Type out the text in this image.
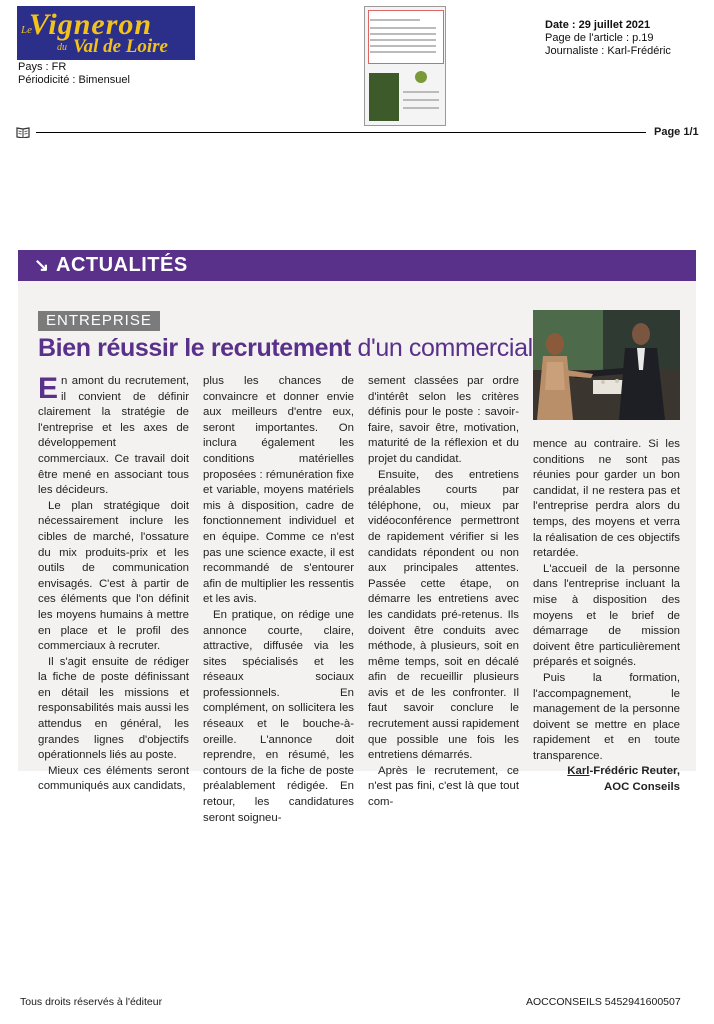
Le
Vigneron
du Val de Loire
Pays : FR
Périodicité : Bimensuel
Date : 29 juillet 2021
Page de l'article : p.19
Journaliste : Karl-Frédéric
Page 1/1
↘ ACTUALITÉS
ENTREPRISE
Bien réussir le recrutement d'un commercial

En amont du recrutement, il convient de définir clairement la stratégie de l'entreprise et les axes de développement commerciaux. Ce travail doit être mené en associant tous les décideurs.

Le plan stratégique doit nécessairement inclure les cibles de marché, l'ossature du mix produits-prix et les outils de communication envisagés. C'est à partir de ces éléments que l'on définit les moyens humains à mettre en place et le profil des commerciaux à recruter.

Il s'agit ensuite de rédiger la fiche de poste définissant en détail les missions et responsabilités mais aussi les attendus en général, les grandes lignes d'objectifs opérationnels liés au poste.

Mieux ces éléments seront communiqués aux candidats,

plus les chances de convaincre et donner envie aux meilleurs d'entre eux, seront importantes. On inclura également les conditions matérielles proposées : rémunération fixe et variable, moyens matériels mis à disposition, cadre de fonctionnement individuel et en équipe. Comme ce n'est pas une science exacte, il est recommandé de s'entourer afin de multiplier les ressentis et les avis.

En pratique, on rédige une annonce courte, claire, attractive, diffusée via les sites spécialisés et les réseaux sociaux professionnels. En complément, on sollicitera les réseaux et le bouche-à-oreille. L'annonce doit reprendre, en résumé, les contours de la fiche de poste préalablement rédigée. En retour, les candidatures seront soigneu-

sement classées par ordre d'intérêt selon les critères définis pour le poste : savoir-faire, savoir être, motivation, maturité de la réflexion et du projet du candidat.

Ensuite, des entretiens préalables courts par téléphone, ou, mieux par vidéoconférence permettront de rapidement vérifier si les candidats répondent ou non aux principales attentes. Passée cette étape, on démarre les entretiens avec les candidats pré-retenus. Ils doivent être conduits avec méthode, à plusieurs, soit en même temps, soit en décalé afin de recueillir plusieurs avis et de les confronter. Il faut savoir conclure le recrutement aussi rapidement que possible une fois les entretiens démarrés.

Après le recrutement, ce n'est pas fini, c'est là que tout com-

mence au contraire. Si les conditions ne sont pas réunies pour garder un bon candidat, il ne restera pas et l'entreprise perdra alors du temps, des moyens et verra la réalisation de ces objectifs retardée.

L'accueil de la personne dans l'entreprise incluant la mise à disposition des moyens et le brief de démarrage de mission doivent être particulièrement préparés et soignés.

Puis la formation, l'accompagnement, le management de la personne doivent se mettre en place rapidement et en toute transparence.

Karl-Frédéric Reuter,

AOC Conseils

Tous droits réservés à l'éditeur	AOCCONSEILS 5452941600507
